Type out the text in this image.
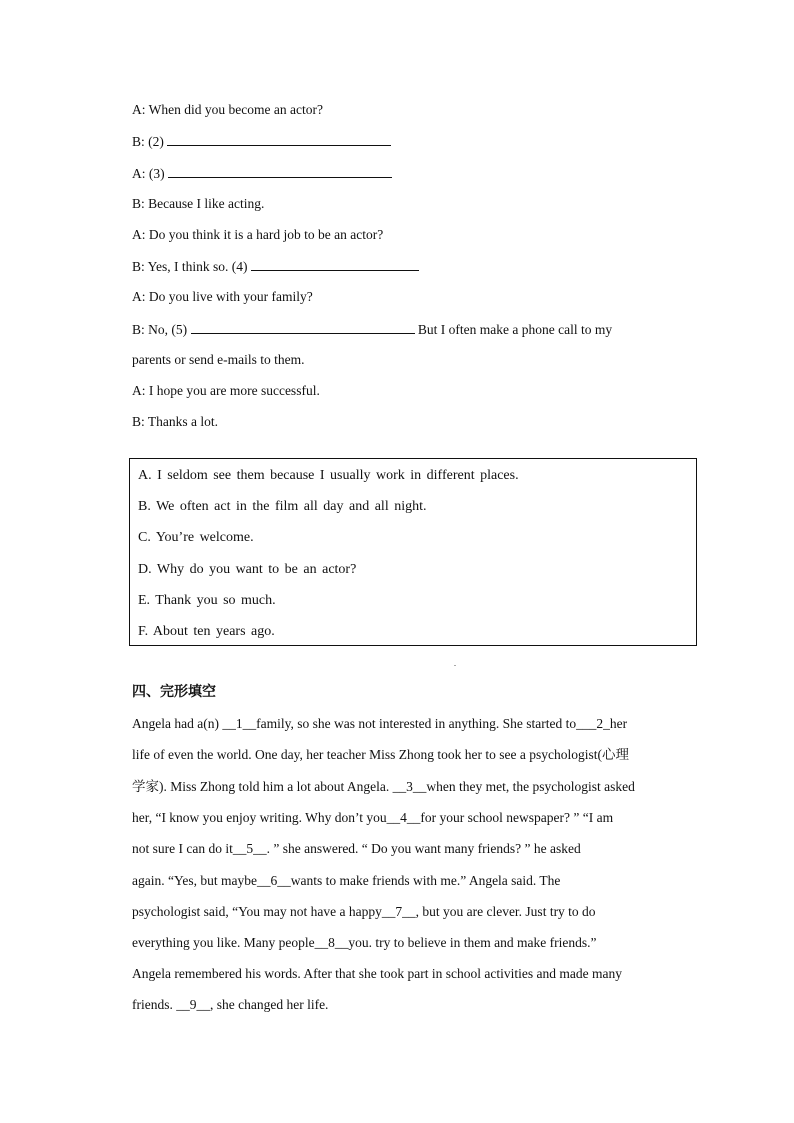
A: When did you become an actor?
B: (2)
A: (3)
B: Because I like acting.
A: Do you think it is a hard job to be an actor?
B: Yes, I think so. (4)
A: Do you live with your family?
B: No, (5)	But I often make a phone call to my
parents or send e-mails to them.
A: I hope you are more successful.
B: Thanks a lot.
A. I seldom see them because I usually work in different places.
B. We often act in the film all day and all night.
C. You’re welcome.
D. Why do you want to be an actor?
E. Thank you so much.
F. About ten years ago.
.
四、完形填空
Angela had a(n) __1__family, so she was not interested in anything. She started to___2_her
life of even the world. One day, her teacher Miss Zhong took her to see a psychologist(心理
学家). Miss Zhong told him a lot about Angela. __3__when they met, the psychologist asked
her, “I know you enjoy writing. Why don’t you__4__for your school newspaper? ” “I am
not sure I can do it__5__. ” she answered. “ Do you want many friends? ” he asked
again. “Yes, but maybe__6__wants to make friends with me.” Angela said. The
psychologist said, “You may not have a happy__7__, but you are clever. Just try to do
everything you like. Many people__8__you. try to believe in them and make friends.”
Angela remembered his words. After that she took part in school activities and made many
friends. __9__, she changed her life.
